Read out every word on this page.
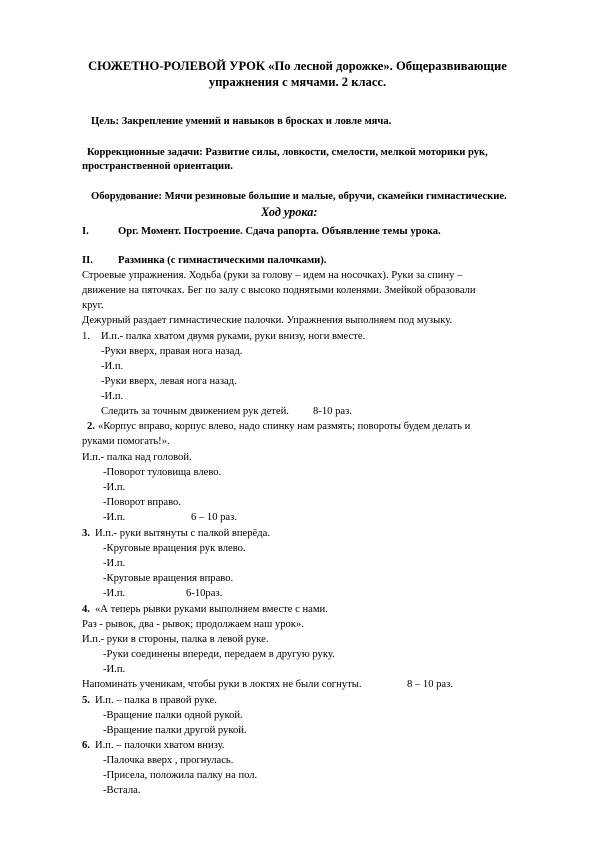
СЮЖЕТНО-РОЛЕВОЙ УРОК «По лесной дорожке». Общеразвивающие
упражнения с мячами. 2 класс.
Цель: Закрепление умений и навыков в бросках и ловле мяча.
Коррекционные задачи: Развитие силы, ловкости, смелости, мелкой моторики рук,
пространственной ориентации.
Оборудование: Мячи резиновые большие и малые, обручи, скамейки гимнастические.
Ход урока:
I.	Орг. Момент. Построение. Сдача рапорта. Объявление темы урока.
II. Разминка (с гимнастическими палочками).
Строевые упражнения. Ходьба (руки за голову – идем на носочках). Руки за спину –
движение на пяточках. Бег по залу с высоко поднятыми коленями. Змейкой образовали
круг.
Дежурный раздает гимнастические палочки. Упражнения выполняем под музыку.
1. И.п.- палка хватом двумя руками, руки внизу, ноги вместе.
-Руки вверх, правая нога назад.
-И.п.
-Руки вверх, левая нога назад.
-И.п.
Следить за точным движением рук детей. 8-10 раз.
2. «Корпус вправо, корпус влево, надо спинку нам размять; повороты будем делать и
руками помогать!».
И.п.- палка над головой.
-Поворот туловища влево.
-И.п.
-Поворот вправо.
-И.п.	6 – 10 раз.
3. И.п.- руки вытянуты с палкой вперёда.
-Круговые вращения рук влево.
-И.п.
-Круговые вращения вправо.
-И.п.	6-10раз.
4. «А теперь рывки руками выполняем вместе с нами.
Раз - рывок, два - рывок; продолжаем наш урок».
И.п.- руки в стороны, палка в левой руке.
-Руки соединены впереди, передаем в другую руку.
-И.п.
Напоминать ученикам, чтобы руки в локтях не были согнуты.	8 – 10 раз.
5. И.п. – палка в правой руке.
-Вращение палки одной рукой.
-Вращение палки другой рукой.
6. И.п. – палочки хватом внизу.
-Палочка вверх , прогнулась.
-Присела, положила палку на пол.
-Встала.
